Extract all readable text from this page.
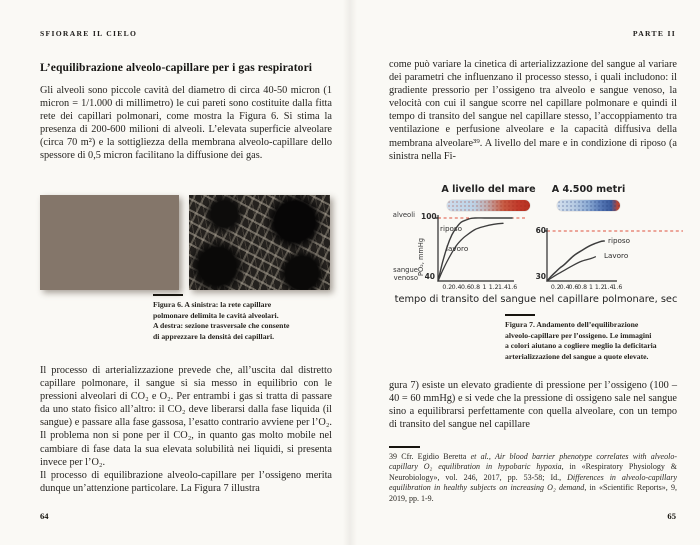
SFIORARE IL CIELO
L’equilibrazione alveolo-capillare per i gas respiratori

Gli alveoli sono piccole cavità del diametro di circa 40-50 micron (1 micron = 1/1.000 di millimetro) le cui pareti sono costituite dalla fitta rete dei capillari polmonari, come mostra la Figura 6. Si stima la presenza di 200-600 milioni di alveoli. L’elevata superficie alveolare (circa 70 m²) e la sottigliezza della membrana alveolo-capillare dello spessore di 0,5 micron facilitano la diffusione dei gas.

Figura 6. A sinistra: la rete capillare
polmonare delimita le cavità alveolari.
A destra: sezione trasversale che consente
di apprezzare la densità dei capillari.

Il processo di arterializzazione prevede che, all’uscita dal distretto capillare polmonare, il sangue si sia messo in equilibrio con le pressioni alveolari di CO₂ e O₂. Per entrambi i gas si tratta di passare da uno stato fisico all’altro: il CO₂ deve liberarsi dalla fase liquida (il sangue) e passare alla fase gassosa, l’esatto contrario avviene per l’O₂. Il problema non si pone per il CO₂, in quanto gas molto mobile nel cambiare di fase data la sua elevata solubilità nei liquidi, si presenta invece per l’O₂.

Il processo di equilibrazione alveolo-capillare per l’ossigeno merita dunque un’attenzione particolare. La Figura 7 illustra

64
PARTE II

come può variare la cinetica di arterializzazione del sangue al variare dei parametri che influenzano il processo stesso, i quali includono: il gradiente pressorio per l’ossigeno tra alveolo e sangue venoso, la velocità con cui il sangue scorre nel capillare polmonare e quindi il tempo di transito del sangue nel capillare stesso, l’accoppiamento tra ventilazione e perfusione alveolare e la capacità diffusiva della membrana alveolare³⁹. A livello del mare e in condizione di riposo (a sinistra nella Fi-

A livello del mare	A 4.500 metri
alveoli 100
PO₂, mmHg
sangue
venoso 40
60
30
0.2 0.4 0.6 0.8 1 1.2 1.4 1.6	0.2
0.4
0.6
0.8 1 1.2
1.4
1.6
riposo
lavoro
riposo
Lavoro
tempo di transito del sangue nel capillare polmonare, sec
Figura 7. Andamento dell’equilibrazione
alveolo-capillare per l’ossigeno. Le immagini
a colori aiutano a cogliere meglio la deficitaria
arterializzazione del sangue a quote elevate.

gura 7) esiste un elevato gradiente di pressione per l’ossigeno (100 – 40 = 60 mmHg) e si vede che la pressione di ossigeno sale nel sangue sino a equilibrarsi perfettamente con quella alveolare, con un tempo di transito del sangue nel capillare

39 Cfr. Egidio Beretta et al., Air blood barrier phenotype correlates with alveolo-capillary O₂ equilibration in hypobaric hypoxia, in «Respiratory Physiology & Neurobiology», vol. 246, 2017, pp. 53-58; Id., Differences in alveolo-capillary equilibration in healthy subjects on increasing O₂ demand, in «Scientific Reports», 9, 2019, pp. 1-9.
65
